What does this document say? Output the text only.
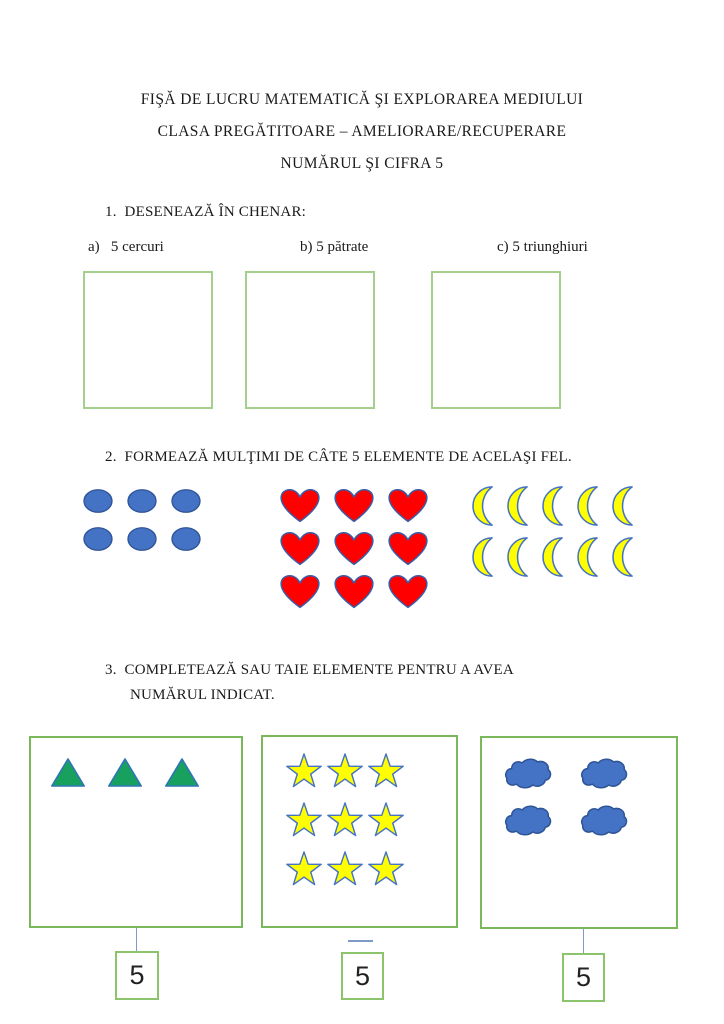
FIŞĂ DE LUCRU MATEMATICĂ ŞI EXPLORAREA MEDIULUI
CLASA PREGĂTITOARE – AMELIORARE/RECUPERARE
NUMĂRUL ŞI CIFRA 5
1.  DESENEAZĂ ÎN CHENAR:
a)   5 cercuri	b) 5 pătrate	c) 5 triunghiuri
2.  FORMEAZĂ MULŢIMI DE CÂTE 5 ELEMENTE DE ACELAŞI FEL.
3.  COMPLETEAZĂ SAU TAIE ELEMENTE PENTRU A AVEA
NUMĂRUL INDICAT.
5	5	5
